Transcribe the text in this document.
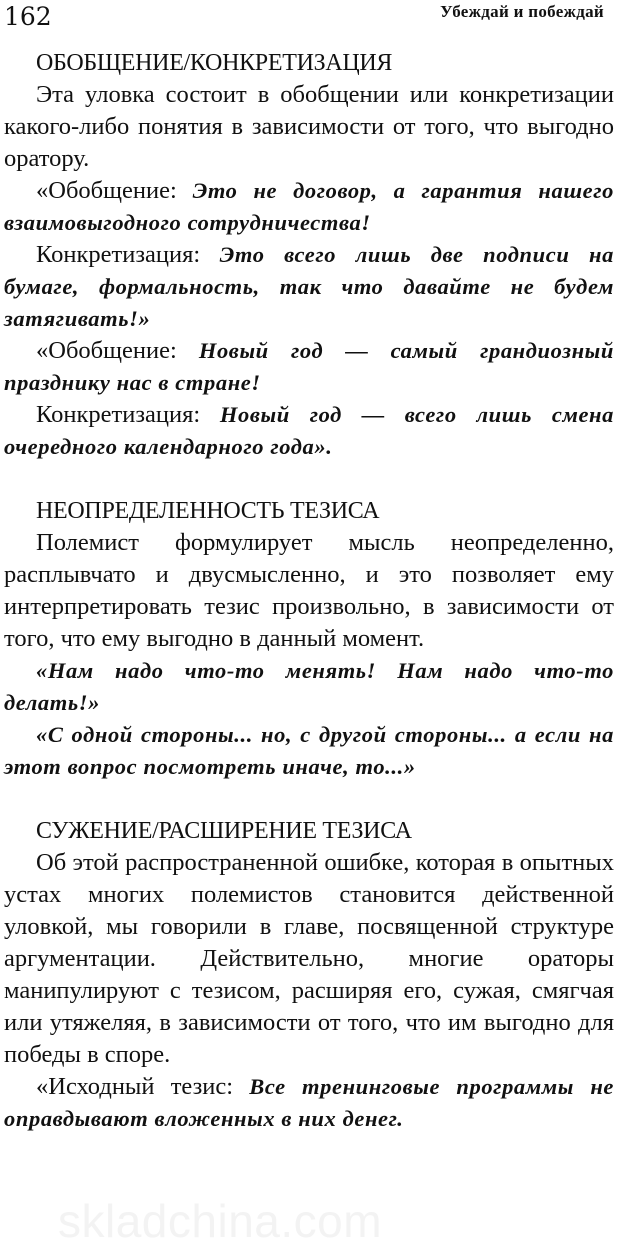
162	Убеждай и побеждай
ОБОБЩЕНИЕ/КОНКРЕТИЗАЦИЯ

Эта уловка состоит в обобщении или конкретизации какого-либо понятия в зависимости от того, что выгодно оратору.

«Обобщение: Это не договор, а гарантия нашего взаимовыгодного сотрудничества!

Конкретизация: Это всего лишь две подписи на бумаге, формальность, так что давайте не будем затягивать!»

«Обобщение: Новый год — самый грандиозный празднику нас в стране!

Конкретизация: Новый год — всего лишь смена очередного календарного года».

НЕОПРЕДЕЛЕННОСТЬ ТЕЗИСА

Полемист формулирует мысль неопределенно, расплывчато и двусмысленно, и это позволяет ему интерпретировать тезис произвольно, в зависимости от того, что ему выгодно в данный момент.

«Нам надо что-то менять! Нам надо что-то делать!»

«С одной стороны... но, с другой стороны... а если на этот вопрос посмотреть иначе, то...»

СУЖЕНИЕ/РАСШИРЕНИЕ ТЕЗИСА

Об этой распространенной ошибке, которая в опытных устах многих полемистов становится действенной уловкой, мы говорили в главе, посвященной структуре аргументации. Действительно, многие ораторы манипулируют с тезисом, расширяя его, сужая, смягчая или утяжеляя, в зависимости от того, что им выгодно для победы в споре.

«Исходный тезис: Все тренинговые программы не оправдывают вложенных в них денег.

skladchina.com
